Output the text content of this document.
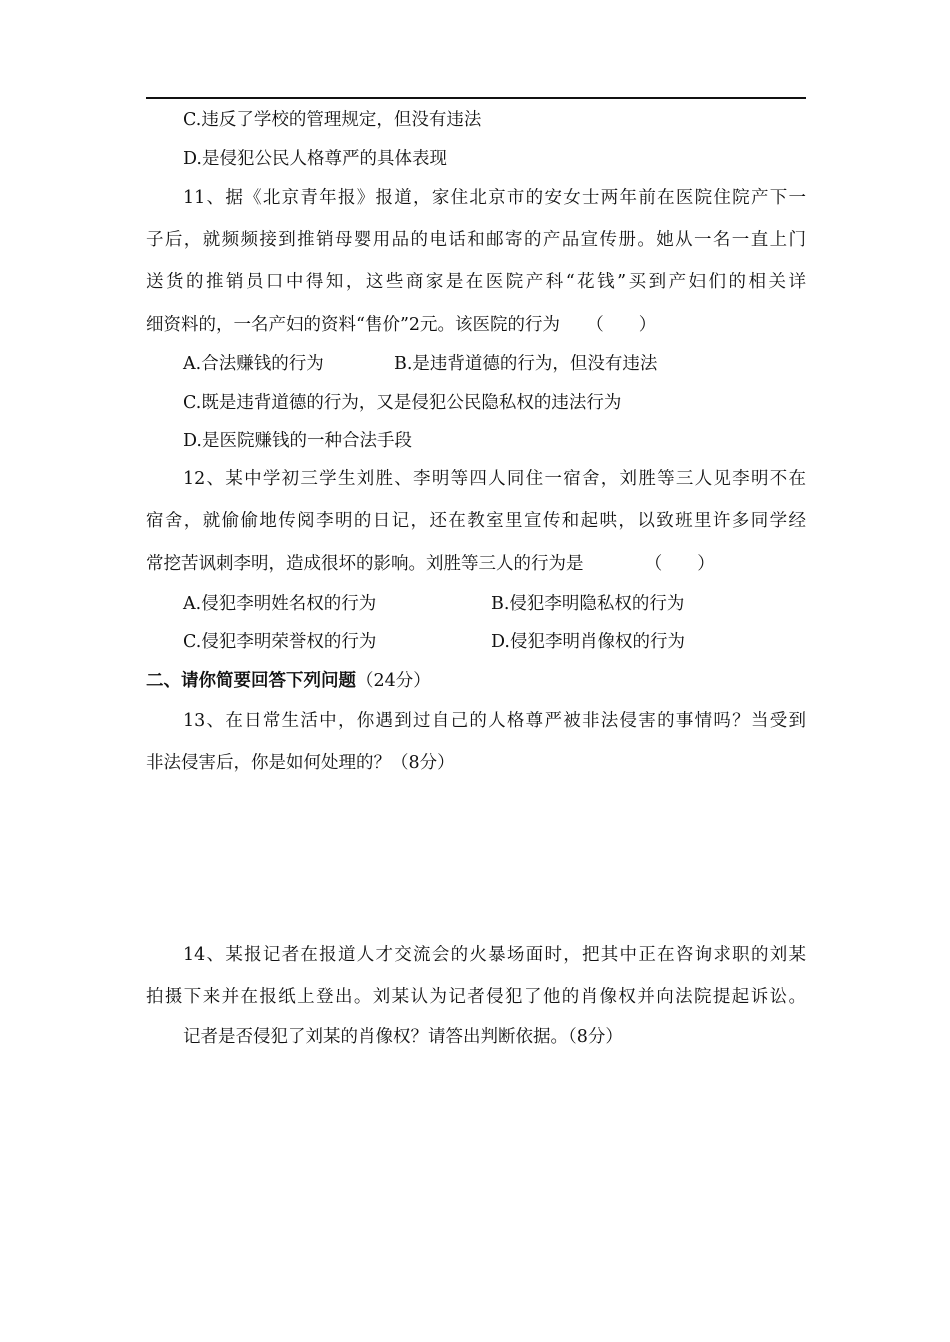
C.违反了学校的管理规定，但没有违法
D.是侵犯公民人格尊严的具体表现
11、据《北京青年报》报道，家住北京市的安女士两年前在医院住院产下一
子后，就频频接到推销母婴用品的电话和邮寄的产品宣传册。她从一名一直上门
送货的推销员口中得知，这些商家是在医院产科“花钱”买到产妇们的相关详
细资料的，一名产妇的资料“售价”2元。该医院的行为　　（　　）
A.合法赚钱的行为	B.是违背道德的行为，但没有违法
C.既是违背道德的行为，又是侵犯公民隐私权的违法行为
D.是医院赚钱的一种合法手段
12、某中学初三学生刘胜、李明等四人同住一宿舍，刘胜等三人见李明不在
宿舍，就偷偷地传阅李明的日记，还在教室里宣传和起哄，以致班里许多同学经
常挖苦讽刺李明，造成很坏的影响。刘胜等三人的行为是　　　　（　　）
A.侵犯李明姓名权的行为	B.侵犯李明隐私权的行为
C.侵犯李明荣誉权的行为	D.侵犯李明肖像权的行为
二、请你简要回答下列问题（24分）
13、在日常生活中，你遇到过自己的人格尊严被非法侵害的事情吗？当受到
非法侵害后，你是如何处理的？（8分）
14、某报记者在报道人才交流会的火暴场面时，把其中正在咨询求职的刘某
拍摄下来并在报纸上登出。刘某认为记者侵犯了他的肖像权并向法院提起诉讼。
记者是否侵犯了刘某的肖像权？请答出判断依据。（8分）
